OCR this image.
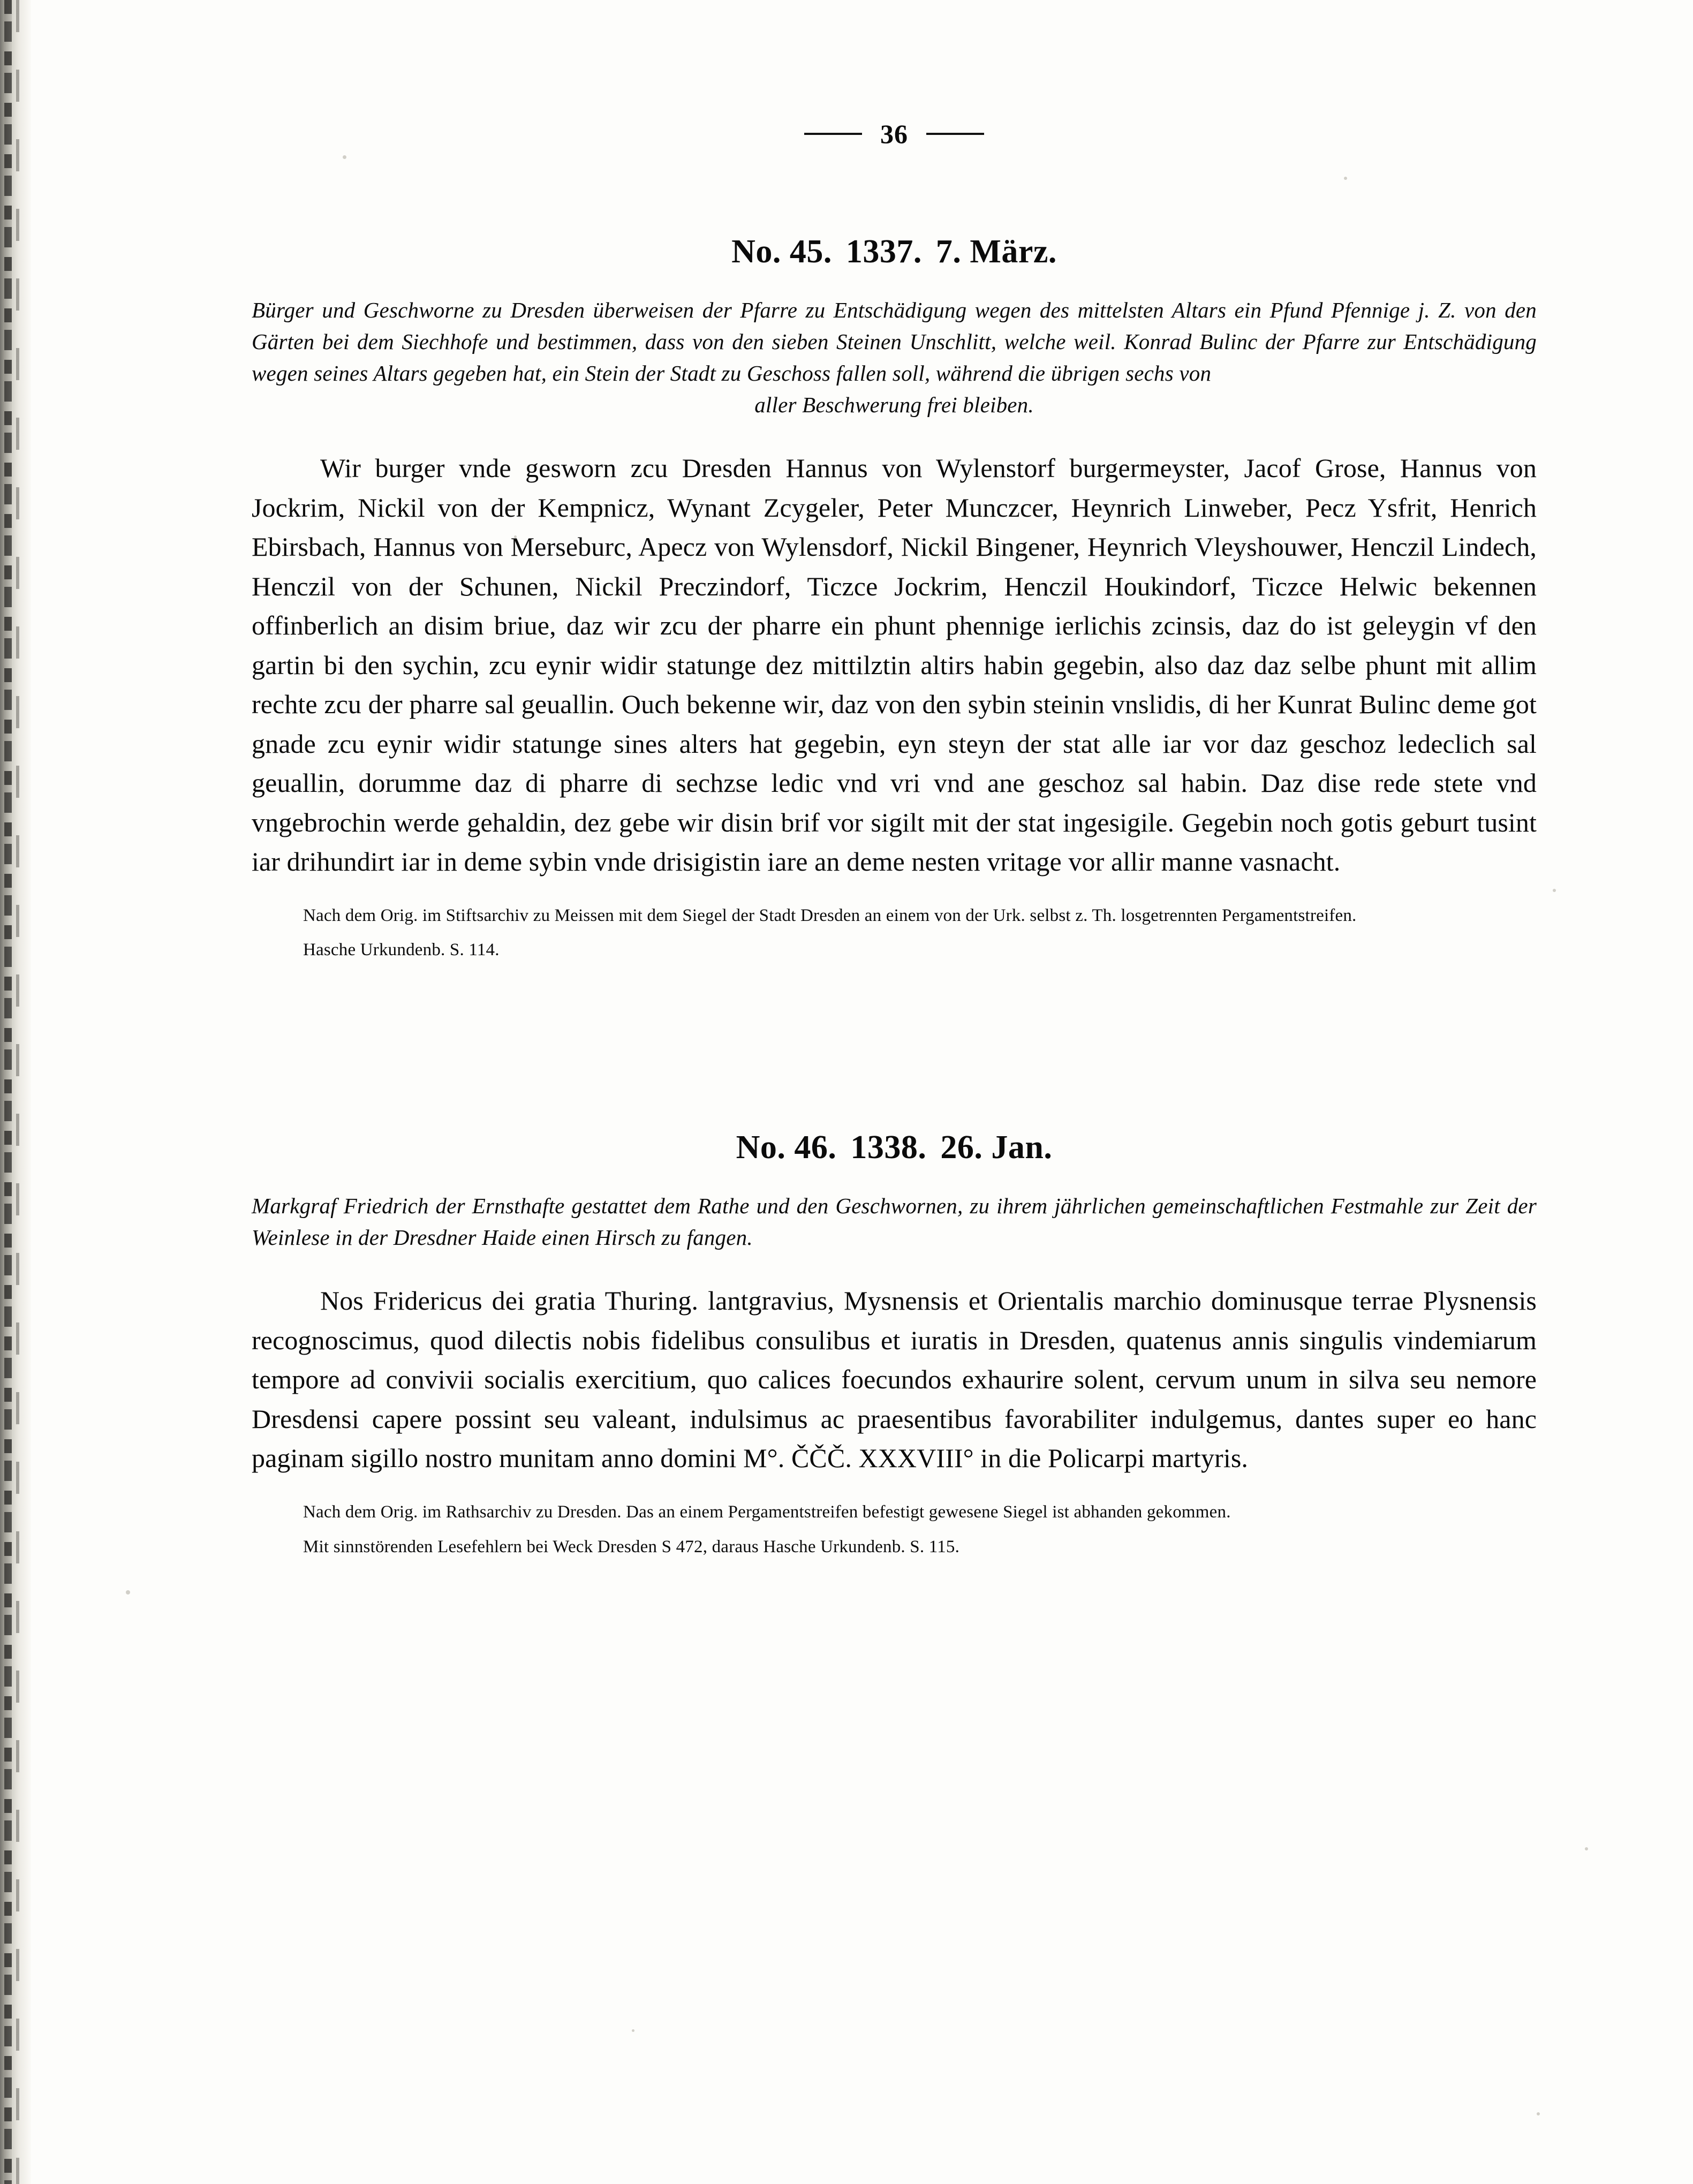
36
No. 45. 1337. 7. März.

Bürger und Geschworne zu Dresden überweisen der Pfarre zu Entschädigung wegen des mittelsten Altars ein Pfund Pfennige j. Z. von den Gärten bei dem Siechhofe und bestimmen, dass von den sieben Steinen Unschlitt, welche weil. Konrad Bulinc der Pfarre zur Entschädigung wegen seines Altars gegeben hat, ein Stein der Stadt zu Geschoss fallen soll, während die übrigen sechs von
aller Beschwerung frei bleiben.

Wir burger vnde gesworn zcu Dresden Hannus von Wylenstorf burgermeyster, Jacof Grose, Hannus von Jockrim, Nickil von der Kempnicz, Wynant Zcygeler, Peter Munczcer, Heynrich Linweber, Pecz Ysfrit, Henrich Ebirsbach, Hannus von Merseburc, Apecz von Wylensdorf, Nickil Bingener, Heynrich Vleyshouwer, Henczil Lindech, Henczil von der Schunen, Nickil Preczindorf, Ticzce Jockrim, Henczil Houkindorf, Ticzce Helwic bekennen offinberlich an disim briue, daz wir zcu der pharre ein phunt phennige ierlichis zcinsis, daz do ist geleygin vf den gartin bi den sychin, zcu eynir widir statunge dez mittilztin altirs habin gegebin, also daz daz selbe phunt mit allim rechte zcu der pharre sal geuallin. Ouch bekenne wir, daz von den sybin steinin vnslidis, di her Kunrat Bulinc deme got gnade zcu eynir widir statunge sines alters hat gegebin, eyn steyn der stat alle iar vor daz geschoz ledeclich sal geuallin, dorumme daz di pharre di sechzse ledic vnd vri vnd ane geschoz sal habin. Daz dise rede stete vnd vngebrochin werde gehaldin, dez gebe wir disin brif vor sigilt mit der stat ingesigile. Gegebin noch gotis geburt tusint iar drihundirt iar in deme sybin vnde drisigistin iare an deme nesten vritage vor allir manne vasnacht.
Nach dem Orig. im Stiftsarchiv zu Meissen mit dem Siegel der Stadt Dresden an einem von der Urk. selbst z. Th. losgetrennten Pergamentstreifen.
Hasche Urkundenb. S. 114.
No. 46. 1338. 26. Jan.

Markgraf Friedrich der Ernsthafte gestattet dem Rathe und den Geschwornen, zu ihrem jährlichen gemeinschaftlichen Festmahle zur Zeit der Weinlese in der Dresdner Haide einen Hirsch zu fangen.

Nos Fridericus dei gratia Thuring. lantgravius, Mysnensis et Orientalis marchio dominusque terrae Plysnensis recognoscimus, quod dilectis nobis fidelibus consulibus et iuratis in Dresden, quatenus annis singulis vindemiarum tempore ad convivii socialis exercitium, quo calices foecundos exhaurire solent, cervum unum in silva seu nemore Dresdensi capere possint seu valeant, indulsimus ac praesentibus favorabiliter indulgemus, dantes super eo hanc paginam sigillo nostro munitam anno domini M°. ČČČ. XXXVIII° in die Policarpi martyris.
Nach dem Orig. im Rathsarchiv zu Dresden. Das an einem Pergamentstreifen befestigt gewesene Siegel ist abhanden gekommen.
Mit sinnstörenden Lesefehlern bei Weck Dresden S 472, daraus Hasche Urkundenb. S. 115.
